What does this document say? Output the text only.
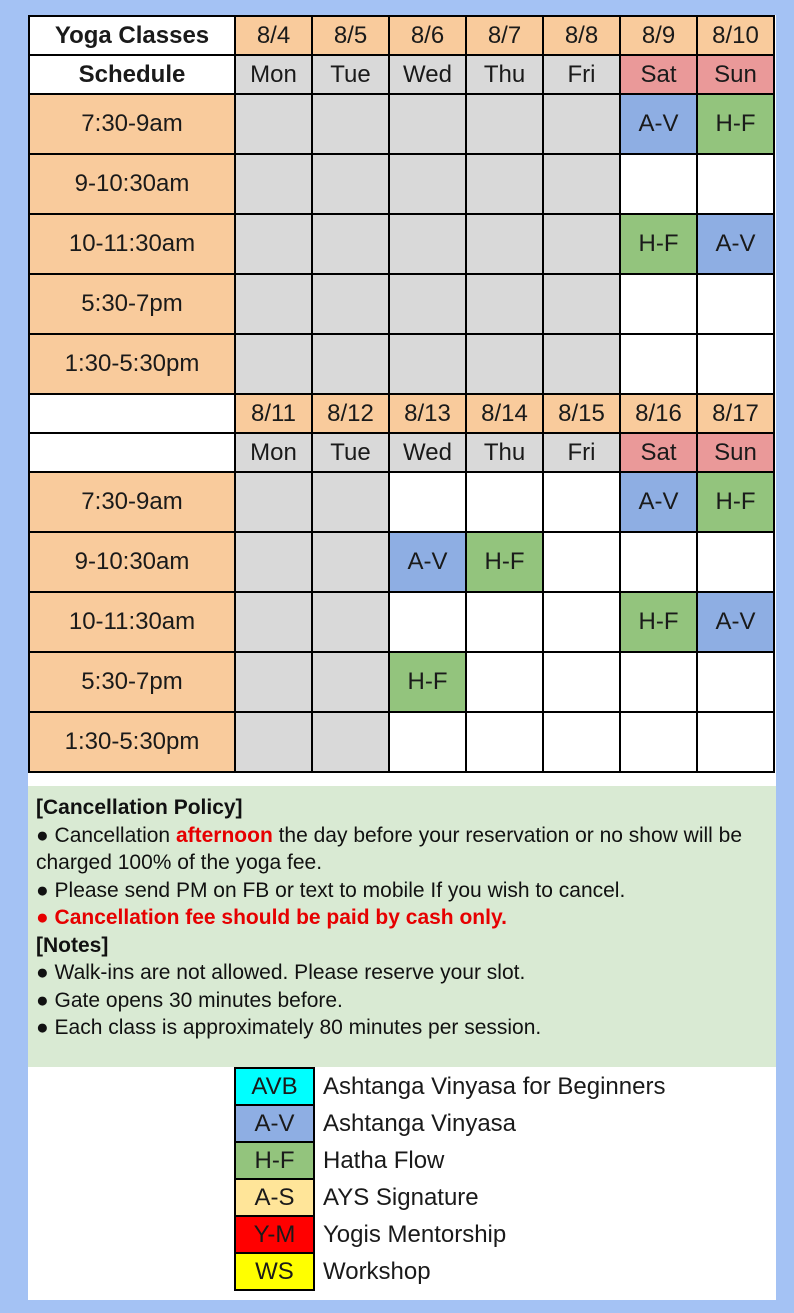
Yoga Classes	8/4	8/5	8/6	8/7	8/8	8/9	8/10
Schedule	Mon	Tue	Wed	Thu	Fri	Sat	Sun
7:30-9am						A-V	H-F
9-10:30am							
10-11:30am						H-F	A-V
5:30-7pm							
1:30-5:30pm							
	8/11	8/12	8/13	8/14	8/15	8/16	8/17
	Mon	Tue	Wed	Thu	Fri	Sat	Sun
7:30-9am						A-V	H-F
9-10:30am			A-V	H-F			
10-11:30am						H-F	A-V
5:30-7pm			H-F				
1:30-5:30pm							
[Cancellation Policy]
● Cancellation afternoon the day before your reservation or no show will be charged 100% of the yoga fee.
● Please send PM on FB or text to mobile If you wish to cancel.
● Cancellation fee should be paid by cash only.
[Notes]
● Walk-ins are not allowed. Please reserve your slot.
● Gate opens 30 minutes before.
● Each class is approximately 80 minutes per session.
AVB	Ashtanga Vinyasa for Beginners
A-V	Ashtanga Vinyasa
H-F	Hatha Flow
A-S	AYS Signature
Y-M	Yogis Mentorship
WS	Workshop
